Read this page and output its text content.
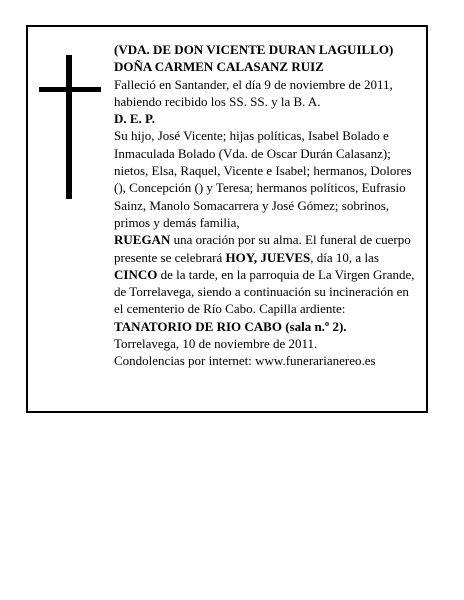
(VDA. DE DON VICENTE DURAN LAGUILLO)

DOÑA CARMEN CALASANZ RUIZ

Falleció en Santander, el día 9 de noviembre de 2011, habiendo recibido los SS. SS. y la B. A.

D. E. P.

Su hijo, José Vicente; hijas políticas, Isabel Bolado e Inmaculada Bolado (Vda. de Oscar Durán Calasanz); nietos, Elsa, Raquel, Vicente e Isabel; hermanos, Dolores (), Concepción () y Teresa; hermanos políticos, Eufrasio Sainz, Manolo Somacarrera y José Gómez; sobrinos, primos y demás familia,

RUEGAN una oración por su alma. El funeral de cuerpo presente se celebrará HOY, JUEVES, día 10, a las CINCO de la tarde, en la parroquia de La Virgen Grande, de Torrelavega, siendo a continuación su incineración en el cementerio de Río Cabo. Capilla ardiente: TANATORIO DE RIO CABO (sala n.º 2).

Torrelavega, 10 de noviembre de 2011.

Condolencias por internet: www.funerarianereo.es
